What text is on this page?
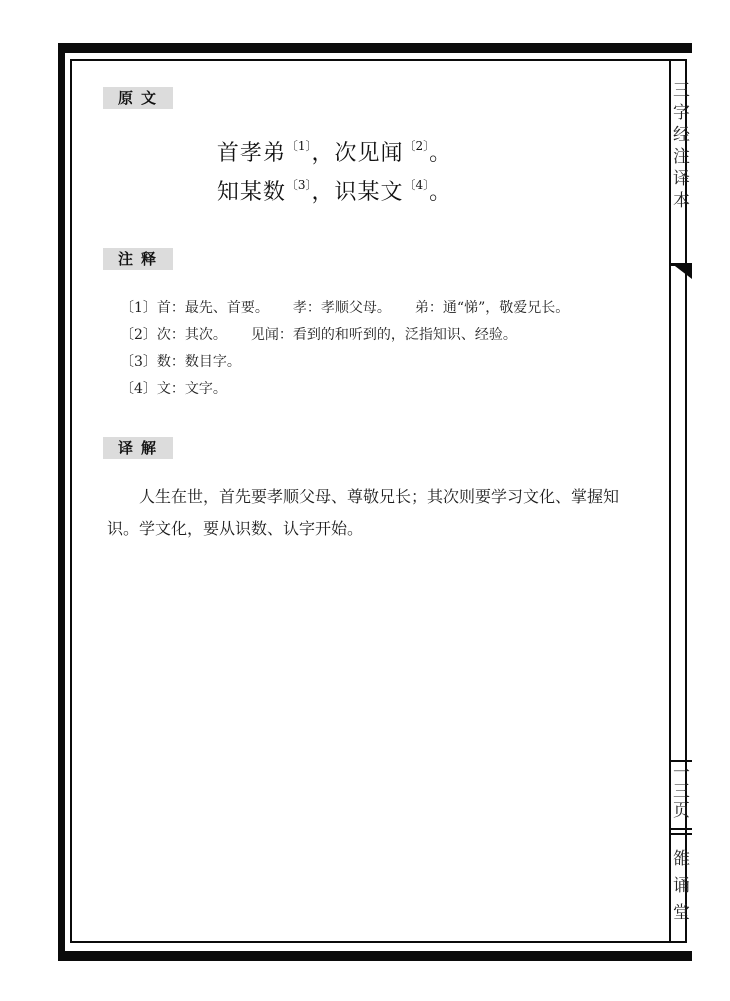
原文
首孝弟$^{〔1〕}$，次见闻$^{〔2〕}$。
知某数$^{〔3〕}$，识某文$^{〔4〕}$。
注释
〔1〕首：最先、首要。 孝：孝顺父母。 弟：通“悌”，敬爱兄长。
〔2〕次：其次。 见闻：看到的和听到的，泛指知识、经验。
〔3〕数：数目字。
〔4〕文：文字。
译解
人生在世，首先要孝顺父母、尊敬兄长；其次则要学习文化、掌握知识。学文化，要从识数、认字开始。
三
字
经
注
译
本
一
三
页
雒
诵
堂
